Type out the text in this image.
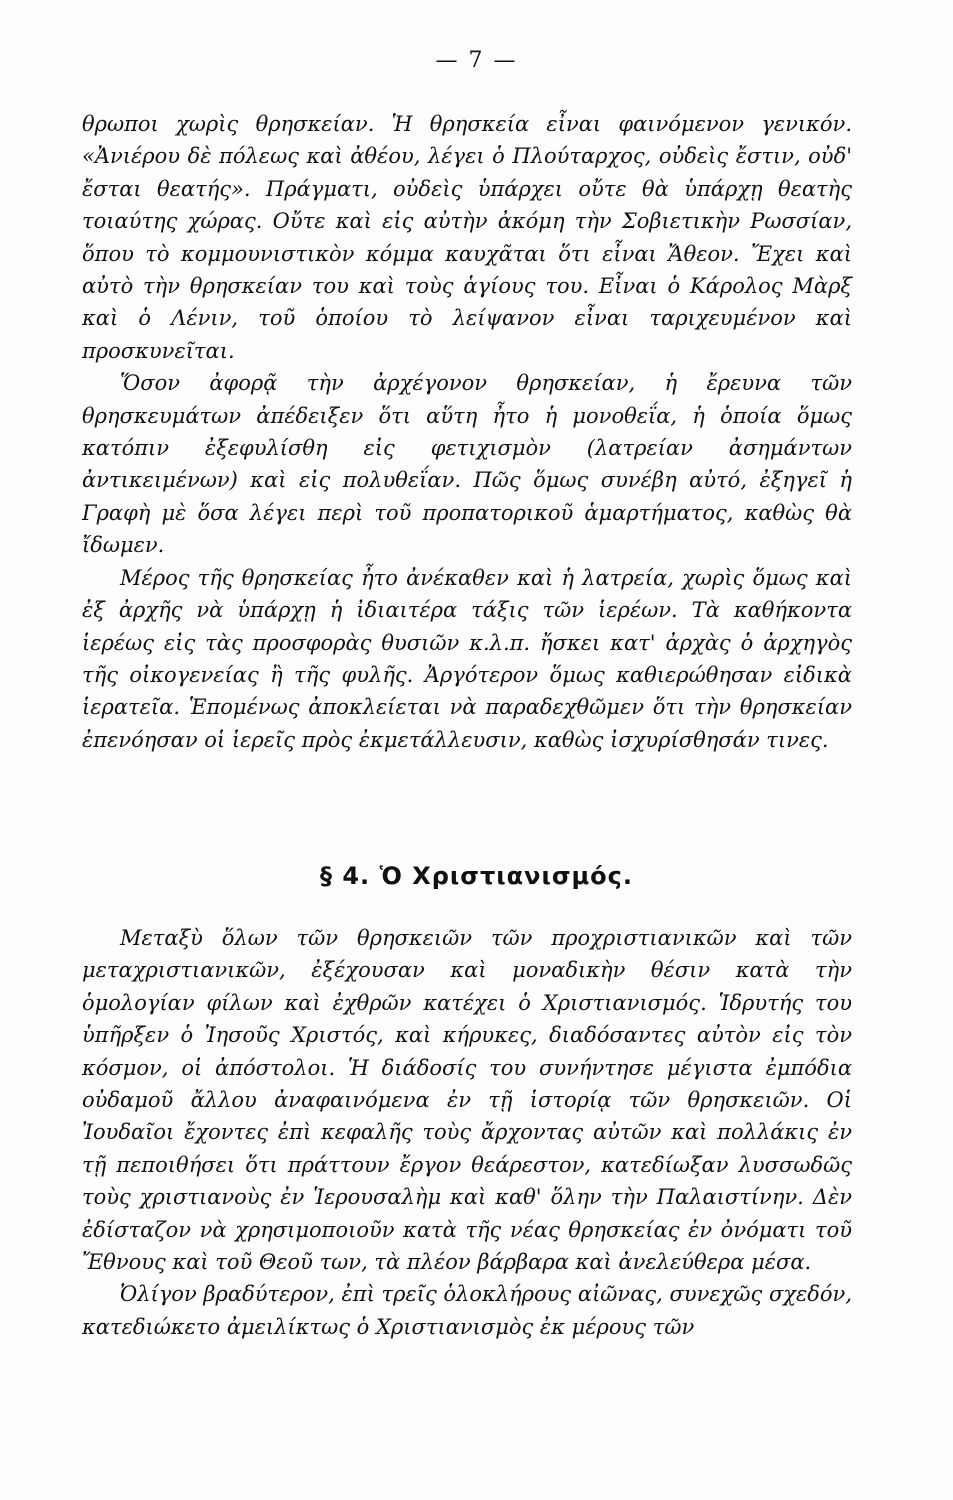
— 7 —

θρωποι χωρὶς θρησκείαν. Ἡ θρησκεία εἶναι φαινόμενον γενικόν. «Ἀνιέρου δὲ πόλεως καὶ ἀθέου, λέγει ὁ Πλούταρχος, οὐδεὶς ἔστιν, οὐδ' ἔσται θεατής». Πράγματι, οὐδεὶς ὑπάρχει οὔτε θὰ ὑπάρχῃ θεατὴς τοιαύτης χώρας. Οὔτε καὶ εἰς αὐτὴν ἀκόμη τὴν Σοβιετικὴν Ρωσσίαν, ὅπου τὸ κομμουνιστικὸν κόμμα καυχᾶται ὅτι εἶναι Ἄθεον. Ἔχει καὶ αὐτὸ τὴν θρησκείαν του καὶ τοὺς ἁγίους του. Εἶναι ὁ Κάρολος Μὰρξ καὶ ὁ Λένιν, τοῦ ὁποίου τὸ λείψανον εἶναι ταριχευμένον καὶ προσκυνεῖται.

Ὅσον ἀφορᾷ τὴν ἀρχέγονον θρησκείαν, ἡ ἔρευνα τῶν θρησκευμάτων ἀπέδειξεν ὅτι αὕτη ἦτο ἡ μονοθεΐα, ἡ ὁποία ὅμως κατόπιν ἐξεφυλίσθη εἰς φετιχισμὸν (λατρείαν ἀσημάντων ἀντικειμένων) καὶ εἰς πολυθεΐαν. Πῶς ὅμως συνέβη αὐτό, ἐξηγεῖ ἡ Γραφὴ μὲ ὅσα λέγει περὶ τοῦ προπατορικοῦ ἁμαρτήματος, καθὼς θὰ ἴδωμεν.

Μέρος τῆς θρησκείας ἦτο ἀνέκαθεν καὶ ἡ λατρεία, χωρὶς ὅμως καὶ ἐξ ἀρχῆς νὰ ὑπάρχῃ ἡ ἰδιαιτέρα τάξις τῶν ἱερέων. Τὰ καθήκοντα ἱερέως εἰς τὰς προσφορὰς θυσιῶν κ.λ.π. ἤσκει κατ' ἀρχὰς ὁ ἀρχηγὸς τῆς οἰκογενείας ἢ τῆς φυλῆς. Ἀργότερον ὅμως καθιερώθησαν εἰδικὰ ἱερατεῖα. Ἑπομένως ἀποκλείεται νὰ παραδεχθῶμεν ὅτι τὴν θρησκείαν ἐπενόησαν οἱ ἱερεῖς πρὸς ἐκμετάλλευσιν, καθὼς ἰσχυρίσθησάν τινες.

§ 4. Ὁ Χριστιανισμός.

Μεταξὺ ὅλων τῶν θρησκειῶν τῶν προχριστιανικῶν καὶ τῶν μεταχριστιανικῶν, ἐξέχουσαν καὶ μοναδικὴν θέσιν κατὰ τὴν ὁμολογίαν φίλων καὶ ἐχθρῶν κατέχει ὁ Χριστιανισμός. Ἱδρυτής του ὑπῆρξεν ὁ Ἰησοῦς Χριστός, καὶ κήρυκες, διαδόσαντες αὐτὸν εἰς τὸν κόσμον, οἱ ἀπόστολοι. Ἡ διάδοσίς του συνήντησε μέγιστα ἐμπόδια οὐδαμοῦ ἄλλου ἀναφαινόμενα ἐν τῇ ἱστορίᾳ τῶν θρησκειῶν. Οἱ Ἰουδαῖοι ἔχοντες ἐπὶ κεφαλῆς τοὺς ἄρχοντας αὐτῶν καὶ πολλάκις ἐν τῇ πεποιθήσει ὅτι πράττουν ἔργον θεάρεστον, κατεδίωξαν λυσσωδῶς τοὺς χριστιανοὺς ἐν Ἱερουσαλὴμ καὶ καθ' ὅλην τὴν Παλαιστίνην. Δὲν ἐδίσταζον νὰ χρησιμοποιοῦν κατὰ τῆς νέας θρησκείας ἐν ὀνόματι τοῦ Ἔθνους καὶ τοῦ Θεοῦ των, τὰ πλέον βάρβαρα καὶ ἀνελεύθερα μέσα.

Ὀλίγον βραδύτερον, ἐπὶ τρεῖς ὁλοκλήρους αἰῶνας, συνεχῶς σχεδόν, κατεδιώκετο ἀμειλίκτως ὁ Χριστιανισμὸς ἐκ μέρους τῶν
